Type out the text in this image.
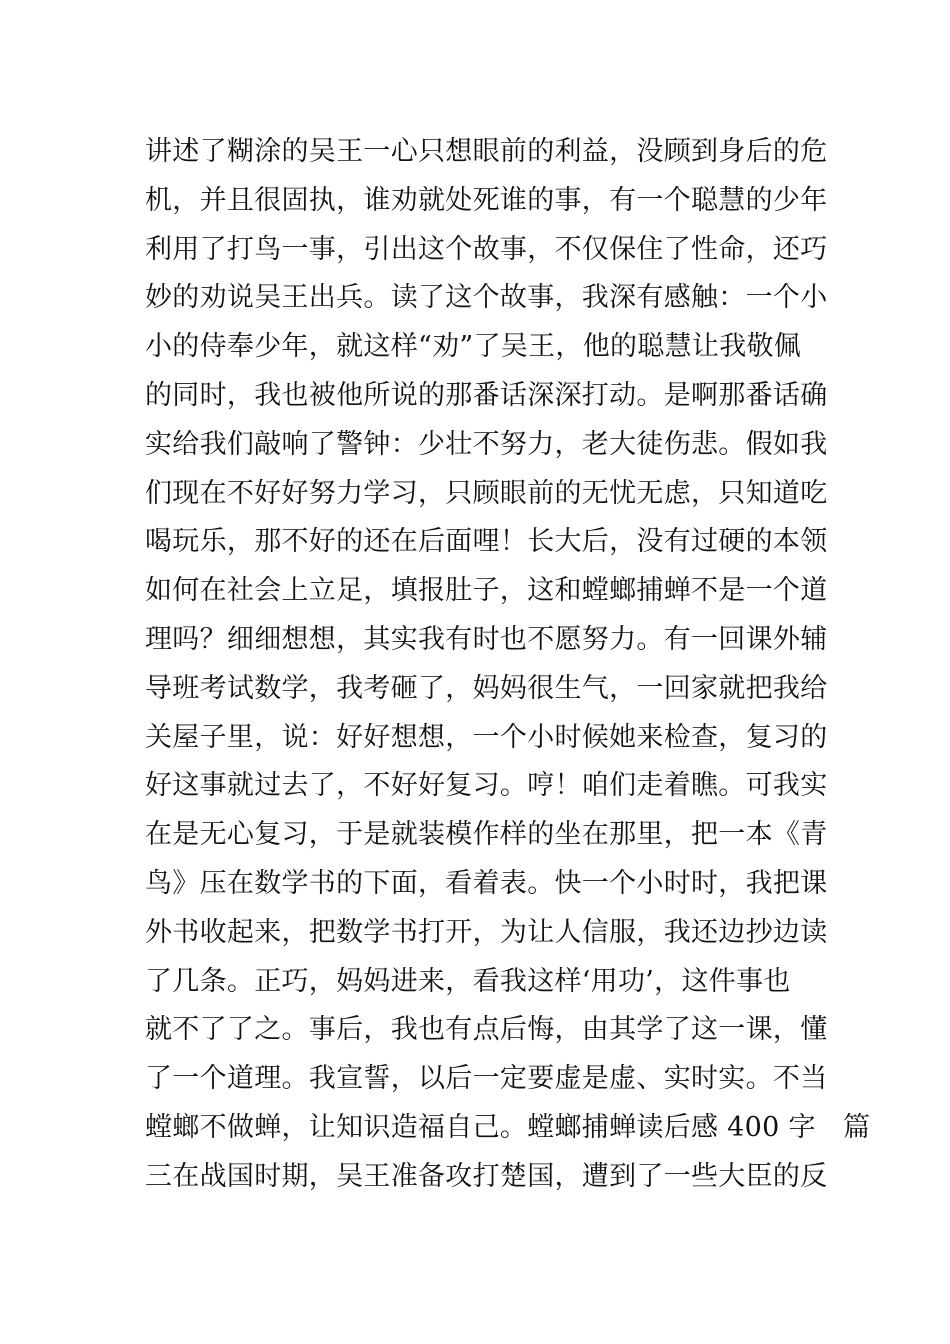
讲述了糊涂的吴王一心只想眼前的利益，没顾到身后的危
机，并且很固执，谁劝就处死谁的事，有一个聪慧的少年
利用了打鸟一事，引出这个故事，不仅保住了性命，还巧
妙的劝说吴王出兵。读了这个故事，我深有感触：一个小
小的侍奉少年，就这样“劝”了吴王，他的聪慧让我敬佩
的同时，我也被他所说的那番话深深打动。是啊那番话确
实给我们敲响了警钟：少壮不努力，老大徒伤悲。假如我
们现在不好好努力学习，只顾眼前的无忧无虑，只知道吃
喝玩乐，那不好的还在后面哩！长大后，没有过硬的本领
如何在社会上立足，填报肚子，这和螳螂捕蝉不是一个道
理吗？细细想想，其实我有时也不愿努力。有一回课外辅
导班考试数学，我考砸了，妈妈很生气，一回家就把我给
关屋子里，说：好好想想，一个小时候她来检查，复习的
好这事就过去了，不好好复习。哼！咱们走着瞧。可我实
在是无心复习，于是就装模作样的坐在那里，把一本《青
鸟》压在数学书的下面，看着表。快一个小时时，我把课
外书收起来，把数学书打开，为让人信服，我还边抄边读
了几条。正巧，妈妈进来，看我这样‘用功’，这件事也
就不了了之。事后，我也有点后悔，由其学了这一课，懂
了一个道理。我宣誓，以后一定要虚是虚、实时实。不当
螳螂不做蝉，让知识造福自己。螳螂捕蝉读后感 400 字　篇
三在战国时期，吴王准备攻打楚国，遭到了一些大臣的反
